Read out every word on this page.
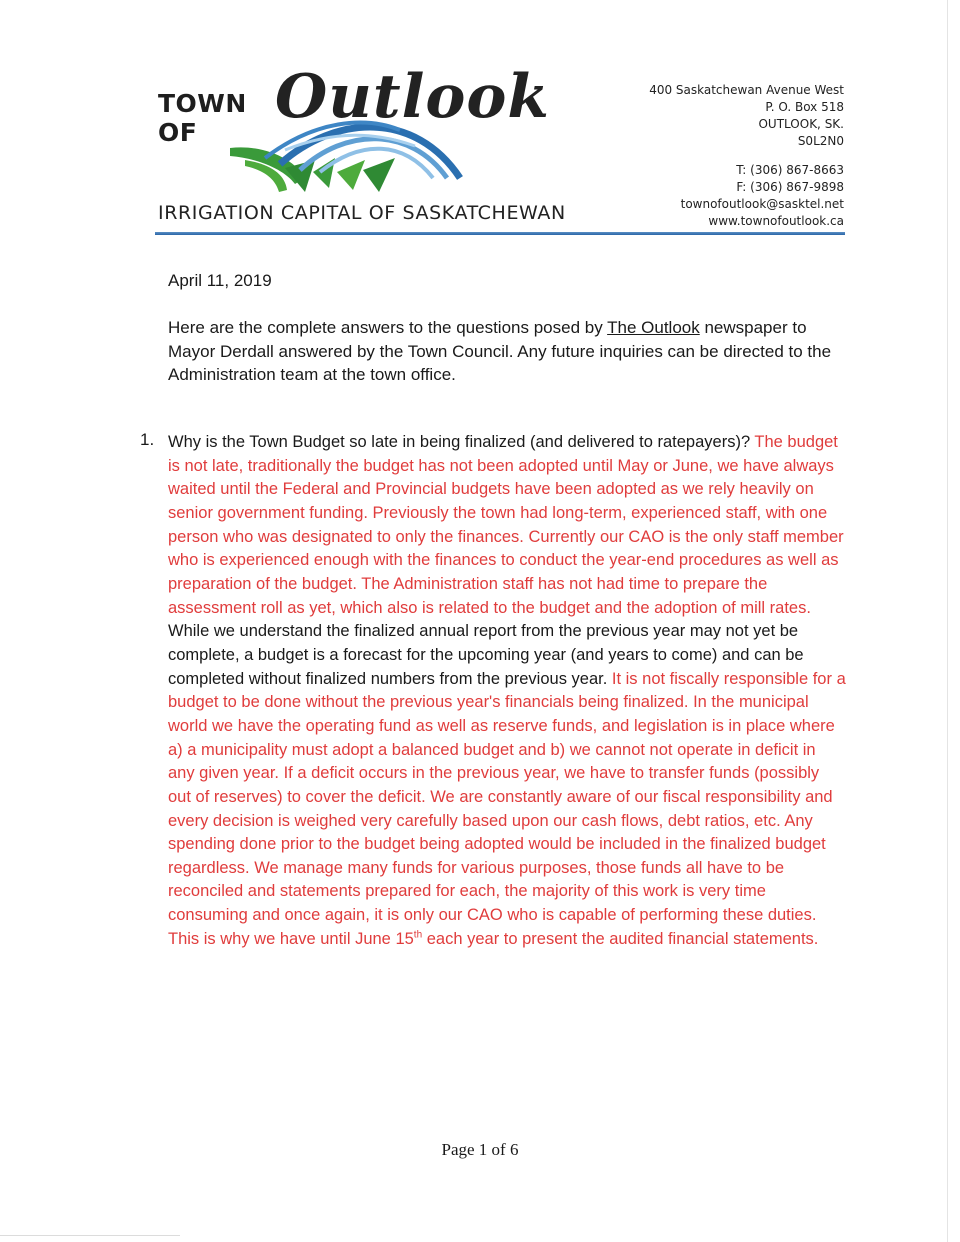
TOWN
OF
Outlook
IRRIGATION CAPITAL OF SASKATCHEWAN
400 Saskatchewan Avenue West
P. O. Box 518
OUTLOOK, SK.
S0L2N0
T: (306) 867-8663
F: (306) 867-9898
townofoutlook@sasktel.net
www.townofoutlook.ca
April 11, 2019
Here are the complete answers to the questions posed by The Outlook newspaper to Mayor Derdall answered by the Town Council. Any future inquiries can be directed to the Administration team at the town office.
1. Why is the Town Budget so late in being finalized (and delivered to ratepayers)? The budget is not late, traditionally the budget has not been adopted until May or June, we have always waited until the Federal and Provincial budgets have been adopted as we rely heavily on senior government funding. Previously the town had long-term, experienced staff, with one person who was designated to only the finances. Currently our CAO is the only staff member who is experienced enough with the finances to conduct the year-end procedures as well as preparation of the budget. The Administration staff has not had time to prepare the assessment roll as yet, which also is related to the budget and the adoption of mill rates. While we understand the finalized annual report from the previous year may not yet be complete, a budget is a forecast for the upcoming year (and years to come) and can be completed without finalized numbers from the previous year. It is not fiscally responsible for a budget to be done without the previous year's financials being finalized. In the municipal world we have the operating fund as well as reserve funds, and legislation is in place where a) a municipality must adopt a balanced budget and b) we cannot not operate in deficit in any given year. If a deficit occurs in the previous year, we have to transfer funds (possibly out of reserves) to cover the deficit. We are constantly aware of our fiscal responsibility and every decision is weighed very carefully based upon our cash flows, debt ratios, etc. Any spending done prior to the budget being adopted would be included in the finalized budget regardless. We manage many funds for various purposes, those funds all have to be reconciled and statements prepared for each, the majority of this work is very time consuming and once again, it is only our CAO who is capable of performing these duties. This is why we have until June 15th each year to present the audited financial statements.
Page 1 of 6
